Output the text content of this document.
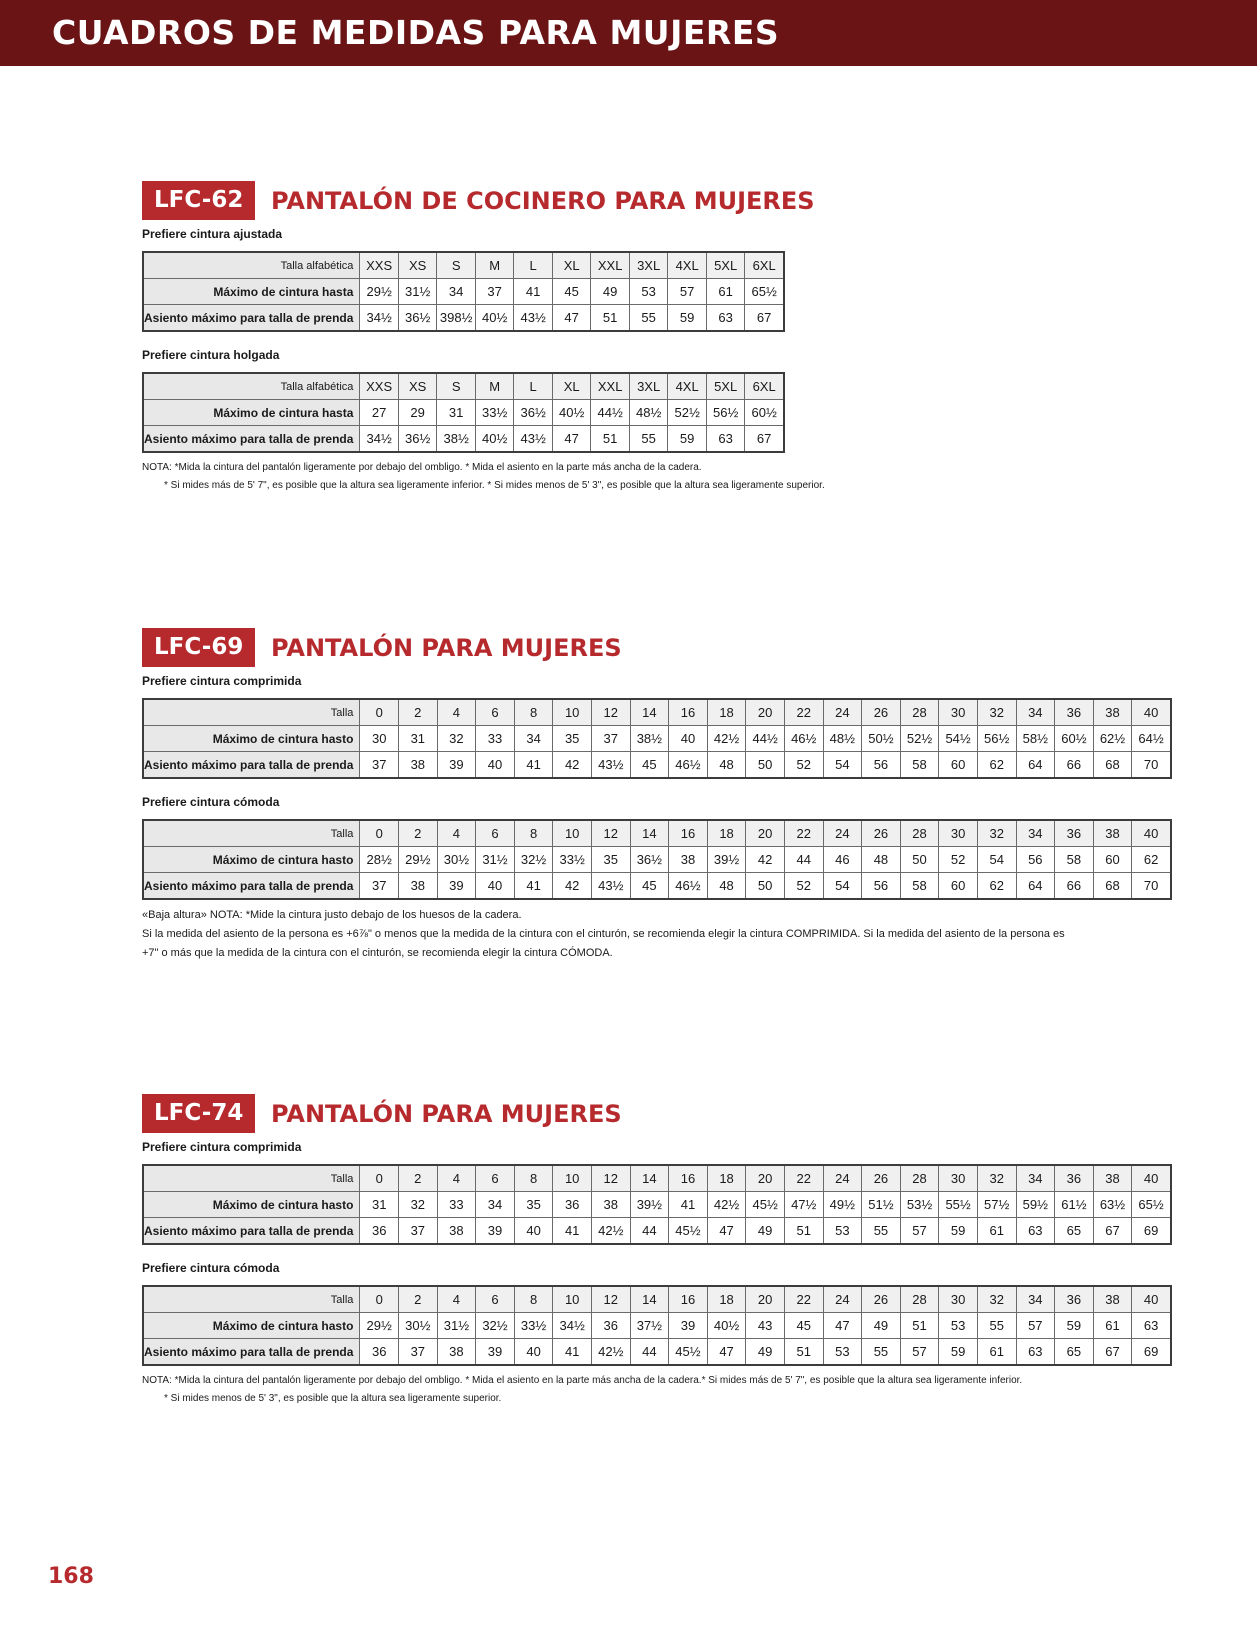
CUADROS DE MEDIDAS PARA MUJERES
LFC-62	PANTALÓN DE COCINERO PARA MUJERES
Prefiere cintura ajustada
Talla alfabética	XXS	XS	S	M	L	XL	XXL	3XL	4XL	5XL	6XL
Máximo de cintura hasta	29½	31½	34	37	41	45	49	53	57	61	65½
Asiento máximo para talla de prenda	34½	36½	398½	40½	43½	47	51	55	59	63	67
Prefiere cintura holgada
Talla alfabética	XXS	XS	S	M	L	XL	XXL	3XL	4XL	5XL	6XL
Máximo de cintura hasta	27	29	31	33½	36½	40½	44½	48½	52½	56½	60½
Asiento máximo para talla de prenda	34½	36½	38½	40½	43½	47	51	55	59	63	67
NOTA: *Mida la cintura del pantalón ligeramente por debajo del ombligo. * Mida el asiento en la parte más ancha de la cadera.
* Si mides más de 5' 7", es posible que la altura sea ligeramente inferior. * Si mides menos de 5' 3", es posible que la altura sea ligeramente superior.
LFC-69	PANTALÓN PARA MUJERES
Prefiere cintura comprimida
Talla	0	2	4	6	8	10	12	14	16	18	20	22	24	26	28	30	32	34	36	38	40
Máximo de cintura hasto	30	31	32	33	34	35	37	38½	40	42½	44½	46½	48½	50½	52½	54½	56½	58½	60½	62½	64½
Asiento máximo para talla de prenda	37	38	39	40	41	42	43½	45	46½	48	50	52	54	56	58	60	62	64	66	68	70
Prefiere cintura cómoda
Talla	0	2	4	6	8	10	12	14	16	18	20	22	24	26	28	30	32	34	36	38	40
Máximo de cintura hasto	28½	29½	30½	31½	32½	33½	35	36½	38	39½	42	44	46	48	50	52	54	56	58	60	62
Asiento máximo para talla de prenda	37	38	39	40	41	42	43½	45	46½	48	50	52	54	56	58	60	62	64	66	68	70
«Baja altura» NOTA: *Mide la cintura justo debajo de los huesos de la cadera.
Si la medida del asiento de la persona es +6⅞" o menos que la medida de la cintura con el cinturón, se recomienda elegir la cintura COMPRIMIDA. Si la medida del asiento de la persona es +7" o más que la medida de la cintura con el cinturón, se recomienda elegir la cintura CÓMODA.
LFC-74	PANTALÓN PARA MUJERES
Prefiere cintura comprimida
Talla	0	2	4	6	8	10	12	14	16	18	20	22	24	26	28	30	32	34	36	38	40
Máximo de cintura hasto	31	32	33	34	35	36	38	39½	41	42½	45½	47½	49½	51½	53½	55½	57½	59½	61½	63½	65½
Asiento máximo para talla de prenda	36	37	38	39	40	41	42½	44	45½	47	49	51	53	55	57	59	61	63	65	67	69
Prefiere cintura cómoda
Talla	0	2	4	6	8	10	12	14	16	18	20	22	24	26	28	30	32	34	36	38	40
Máximo de cintura hasto	29½	30½	31½	32½	33½	34½	36	37½	39	40½	43	45	47	49	51	53	55	57	59	61	63
Asiento máximo para talla de prenda	36	37	38	39	40	41	42½	44	45½	47	49	51	53	55	57	59	61	63	65	67	69
NOTA: *Mida la cintura del pantalón ligeramente por debajo del ombligo. * Mida el asiento en la parte más ancha de la cadera.* Si mides más de 5' 7", es posible que la altura sea ligeramente inferior.
* Si mides menos de 5' 3", es posible que la altura sea ligeramente superior.
168
